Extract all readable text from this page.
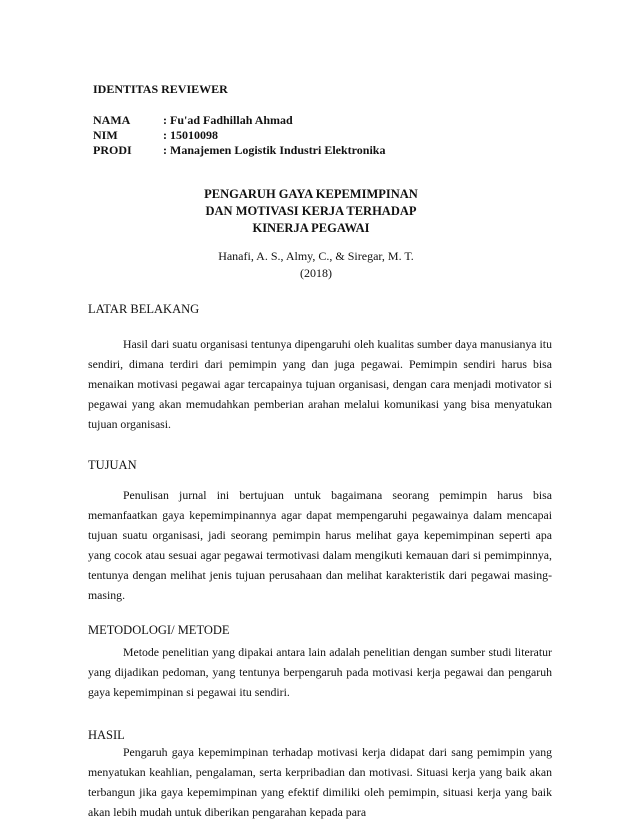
IDENTITAS REVIEWER
NAMA	: Fu'ad Fadhillah Ahmad
NIM	: 15010098
PRODI	: Manajemen Logistik Industri Elektronika
PENGARUH GAYA KEPEMIMPINAN
DAN MOTIVASI KERJA TERHADAP
KINERJA PEGAWAI
Hanafi, A. S., Almy, C., & Siregar, M. T.
(2018)
LATAR BELAKANG

Hasil dari suatu organisasi tentunya dipengaruhi oleh kualitas sumber daya manusianya itu sendiri, dimana terdiri dari pemimpin yang dan juga pegawai. Pemimpin sendiri harus bisa menaikan motivasi pegawai agar tercapainya tujuan organisasi, dengan cara menjadi motivator si pegawai yang akan memudahkan pemberian arahan melalui komunikasi yang bisa menyatukan tujuan organisasi.

TUJUAN

Penulisan jurnal ini bertujuan untuk bagaimana seorang pemimpin harus bisa memanfaatkan gaya kepemimpinannya agar dapat mempengaruhi pegawainya dalam mencapai tujuan suatu organisasi, jadi seorang pemimpin harus melihat gaya kepemimpinan seperti apa yang cocok atau sesuai agar pegawai termotivasi dalam mengikuti kemauan dari si pemimpinnya, tentunya dengan melihat jenis tujuan perusahaan dan melihat karakteristik dari pegawai masing-masing.

METODOLOGI/ METODE

Metode penelitian yang dipakai antara lain adalah penelitian dengan sumber studi literatur yang dijadikan pedoman, yang tentunya berpengaruh pada motivasi kerja pegawai dan pengaruh gaya kepemimpinan si pegawai itu sendiri.

HASIL

Pengaruh gaya kepemimpinan terhadap motivasi kerja didapat dari sang pemimpin yang menyatukan keahlian, pengalaman, serta kerpribadian dan motivasi. Situasi kerja yang baik akan terbangun jika gaya kepemimpinan yang efektif dimiliki oleh pemimpin, situasi kerja yang baik akan lebih mudah untuk diberikan pengarahan kepada para
